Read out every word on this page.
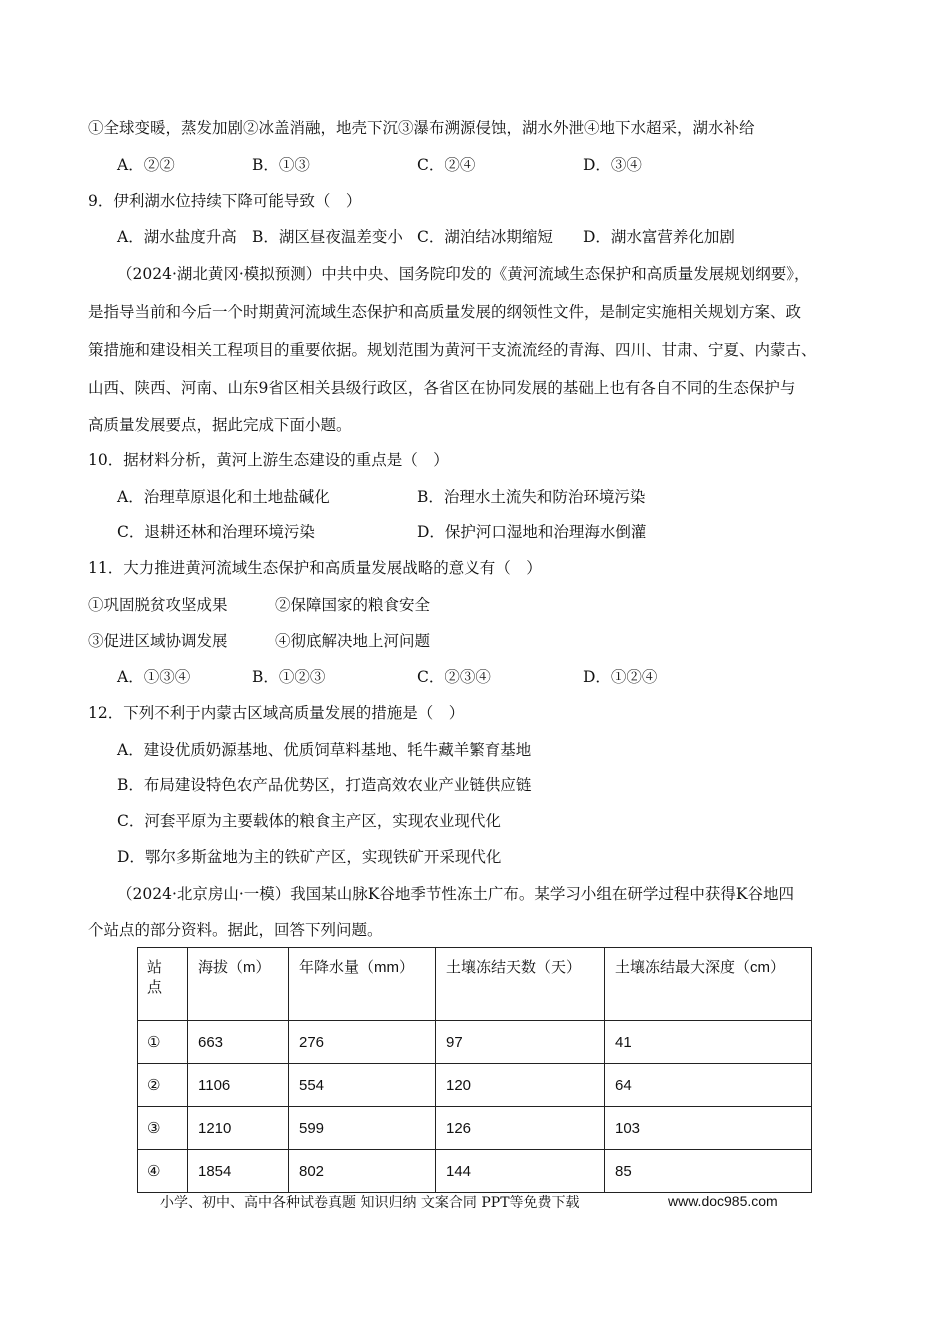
①全球变暖，蒸发加剧②冰盖消融，地壳下沉③瀑布溯源侵蚀，湖水外泄④地下水超采，湖水补给
A．②②	B．①③	C．②④	D．③④
9．伊利湖水位持续下降可能导致（　）
A．湖水盐度升高 B．湖区昼夜温差变小 C．湖泊结冰期缩短 D．湖水富营养化加剧
（2024·湖北黄冈·模拟预测）中共中央、国务院印发的《黄河流域生态保护和高质量发展规划纲要》，
是指导当前和今后一个时期黄河流域生态保护和高质量发展的纲领性文件，是制定实施相关规划方案、政
策措施和建设相关工程项目的重要依据。规划范围为黄河干支流流经的青海、四川、甘肃、宁夏、内蒙古、
山西、陕西、河南、山东9省区相关县级行政区，各省区在协同发展的基础上也有各自不同的生态保护与
高质量发展要点，据此完成下面小题。
10．据材料分析，黄河上游生态建设的重点是（　）
A．治理草原退化和土地盐碱化	B．治理水土流失和防治环境污染
C．退耕还林和治理环境污染	D．保护河口湿地和治理海水倒灌
11．大力推进黄河流域生态保护和高质量发展战略的意义有（　）
①巩固脱贫攻坚成果	②保障国家的粮食安全
③促进区域协调发展	④彻底解决地上河问题
A．①③④	B．①②③	C．②③④	D．①②④
12．下列不利于内蒙古区域高质量发展的措施是（　）
A．建设优质奶源基地、优质饲草料基地、牦牛藏羊繁育基地
B．布局建设特色农产品优势区，打造高效农业产业链供应链
C．河套平原为主要载体的粮食主产区，实现农业现代化
D．鄂尔多斯盆地为主的铁矿产区，实现铁矿开采现代化
（2024·北京房山·一模）我国某山脉K谷地季节性冻土广布。某学习小组在研学过程中获得K谷地四
个站点的部分资料。据此，回答下列问题。
站点	海拔（m）	年降水量（mm）	土壤冻结天数（天）	土壤冻结最大深度（cm）
①	663	276	97	41
②	1106	554	120	64
③	1210	599	126	103
④	1854	802	144	85
小学、初中、高中各种试卷真题 知识归纳 文案合同 PPT等免费下载	www.doc985.com
